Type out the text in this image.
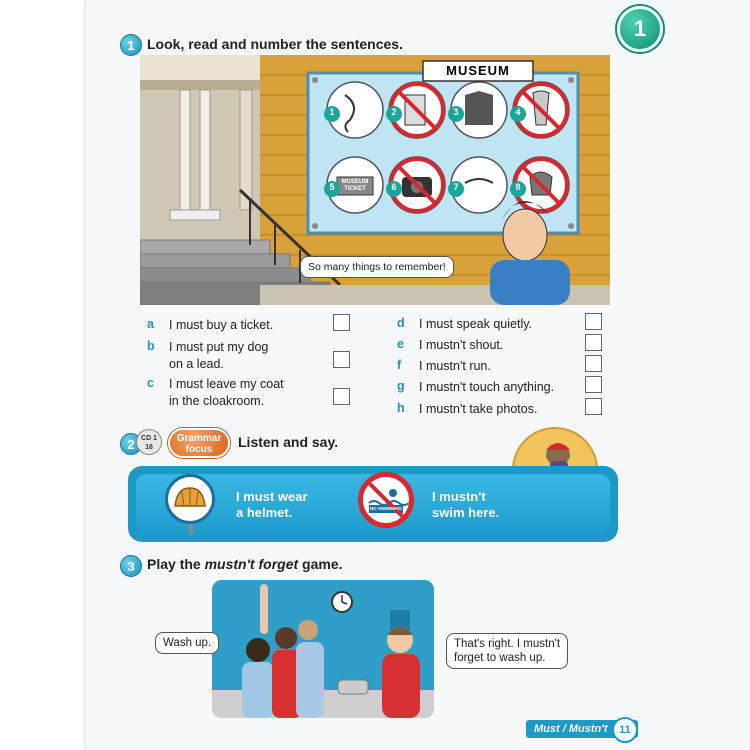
1
1 Look, read and number the sentences.
MUSEUM
MUSEUM TICKET
1	2	3	4
5	6	7	8
So many things to remember!
a	I must buy a ticket.
b	I must put my dog
on a lead.
c	I must leave my coat
in the cloakroom.
d	I must speak quietly.
e	I mustn't shout.
f	I mustn't run.
g	I mustn't touch anything.
h	I mustn't take photos.
2 CD 1
16
Grammar
focus	Listen and say.
I must wear
a helmet.	NO SWIMMING
I mustn't
swim here.
3 Play the mustn't forget game.
Wash up.	That's right. I mustn't
forget to wash up.
Must / Mustn't	11
